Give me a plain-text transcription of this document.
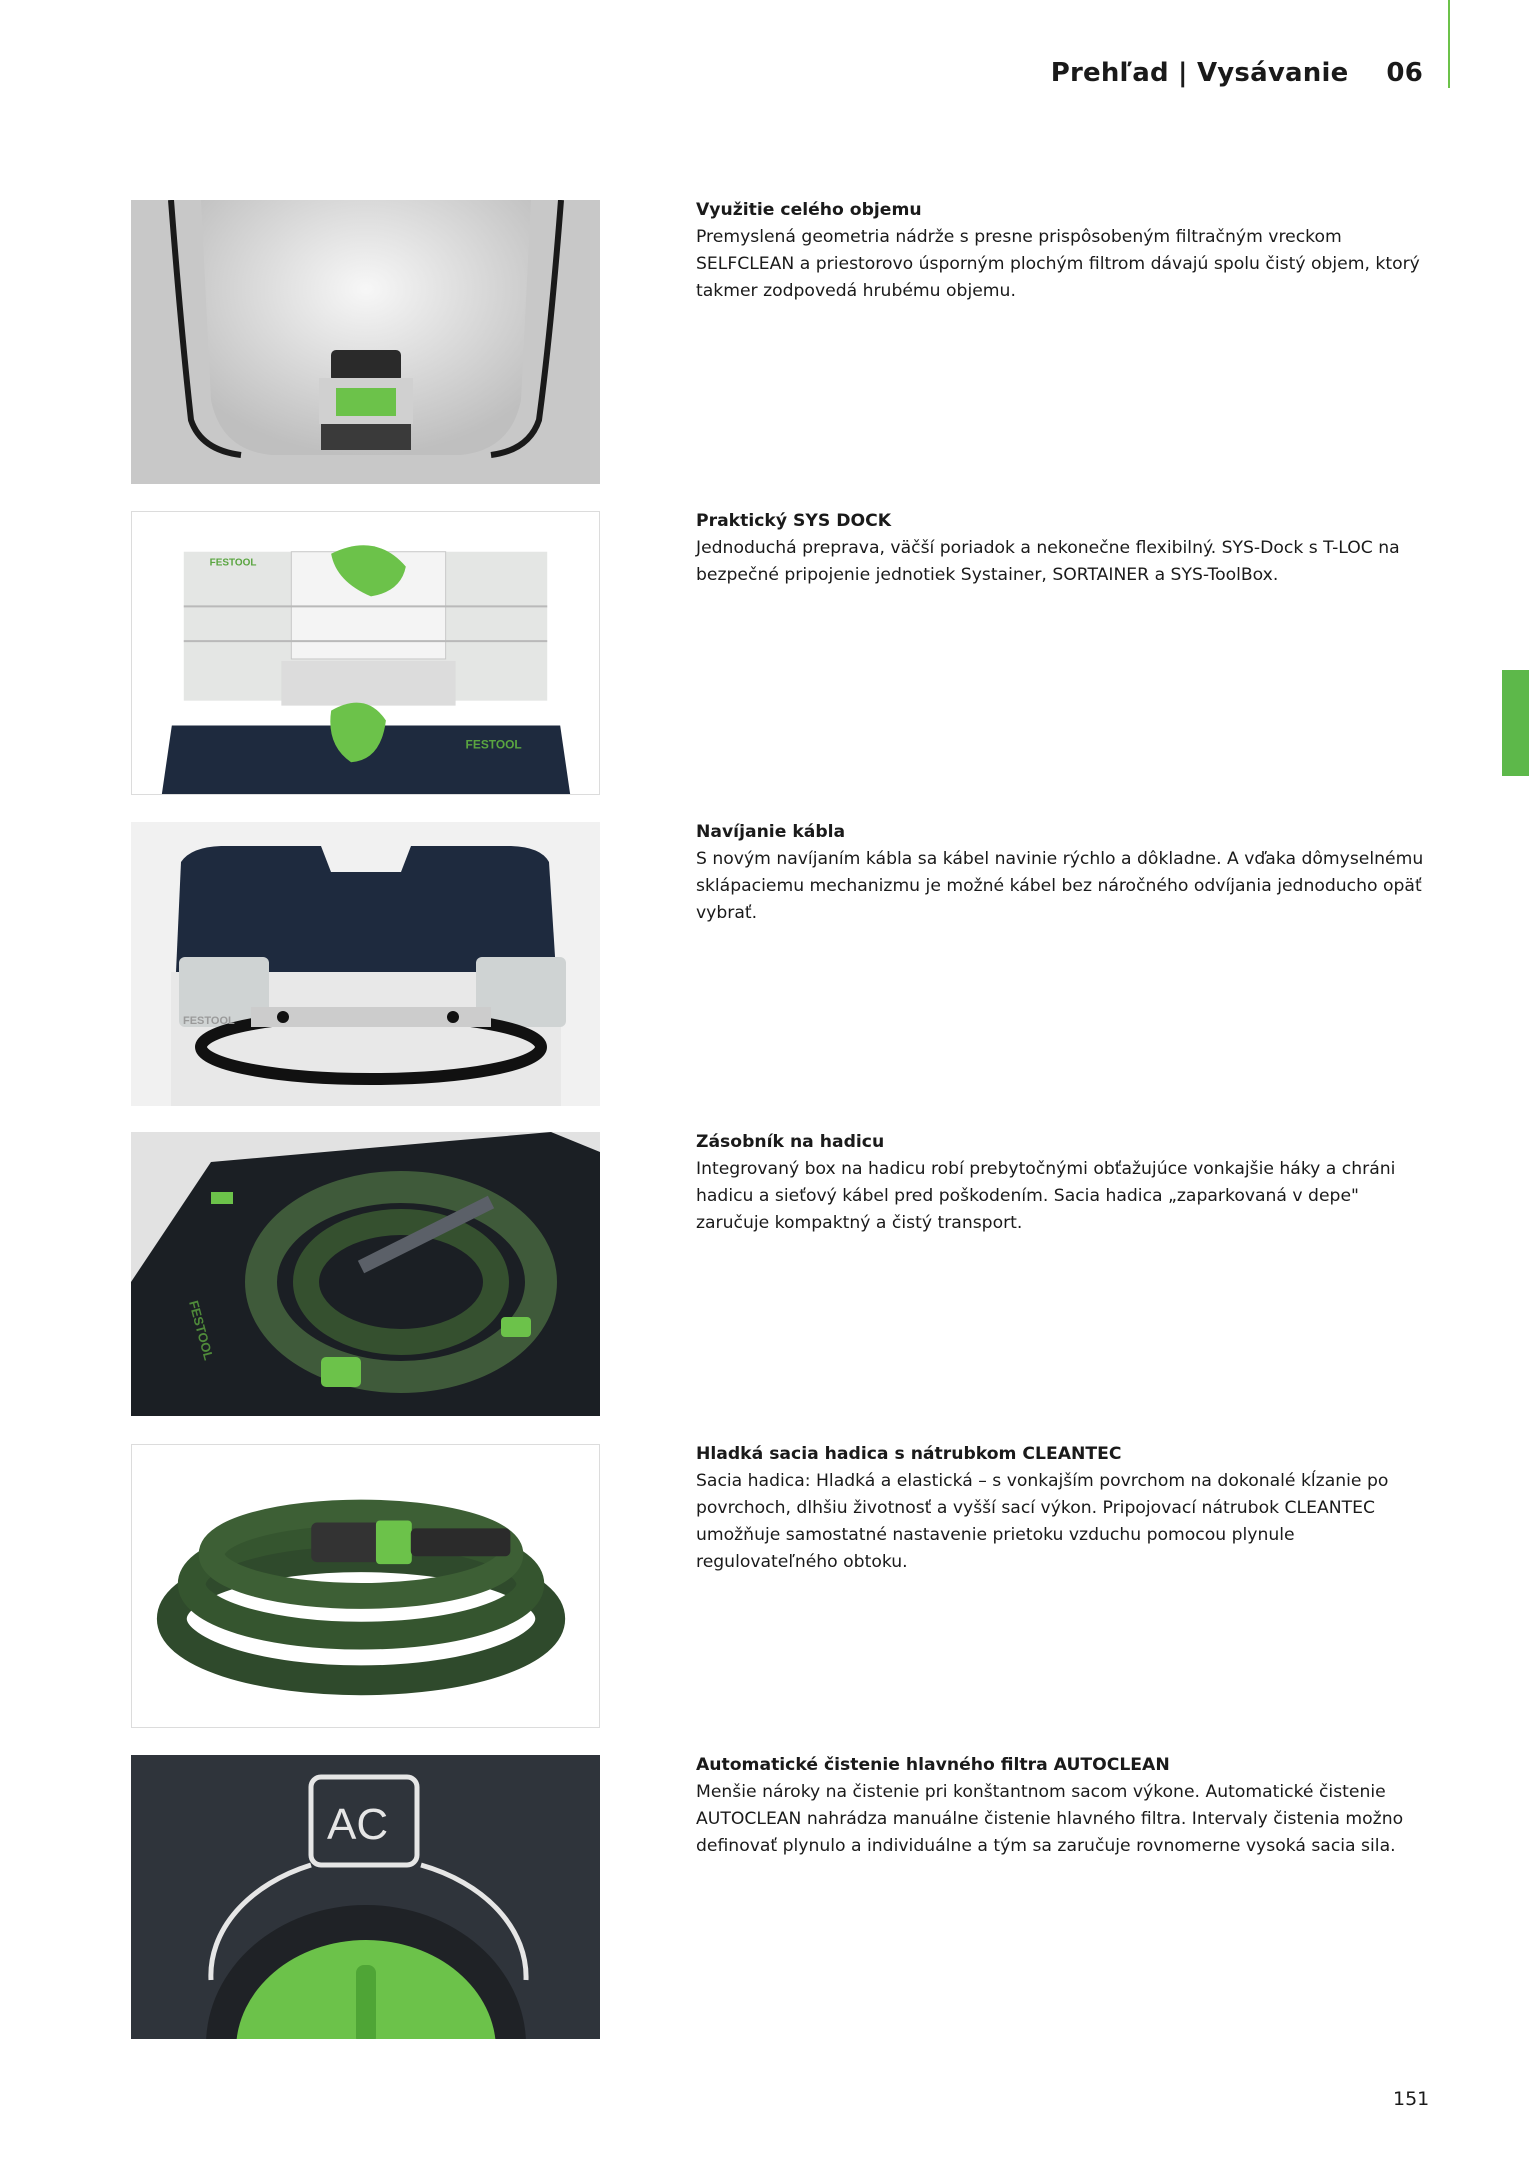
Prehľad | Vysávanie 06
Využitie celého objemu
Premyslená geometria nádrže s presne prispôsobeným filtračným vreckom SELFCLEAN a priestorovo úsporným plochým filtrom dávajú spolu čistý objem, ktorý takmer zodpovedá hrubému objemu.
FESTOOL
FESTOOL
Praktický SYS DOCK
Jednoduchá preprava, väčší poriadok a nekonečne flexibilný. SYS-Dock s T-LOC na bezpečné pripojenie jednotiek Systainer, SORTAINER a SYS-ToolBox.
FESTOOL
Navíjanie kábla
S novým navíjaním kábla sa kábel navinie rýchlo a dôkladne. A vďaka dômyselnému sklápaciemu mechanizmu je možné kábel bez náročného odvíjania jednoducho opäť vybrať.
FESTOOL
Zásobník na hadicu
Integrovaný box na hadicu robí prebytočnými obťažujúce vonkajšie háky a chráni hadicu a sieťový kábel pred poškodením. Sacia hadica „zaparkovaná v depe" zaručuje kompaktný a čistý transport.
Hladká sacia hadica s nátrubkom CLEANTEC
Sacia hadica: Hladká a elastická – s vonkajším povrchom na dokonalé kĺzanie po povrchoch, dlhšiu životnosť a vyšší sací výkon. Pripojovací nátrubok CLEANTEC umožňuje samostatné nastavenie prietoku vzduchu pomocou plynule regulovateľného obtoku.
AC
Automatické čistenie hlavného filtra AUTOCLEAN
Menšie nároky na čistenie pri konštantnom sacom výkone. Automatické čistenie AUTOCLEAN nahrádza manuálne čistenie hlavného filtra. Intervaly čistenia možno definovať plynulo a individuálne a tým sa zaručuje rovnomerne vysoká sacia sila.
151
